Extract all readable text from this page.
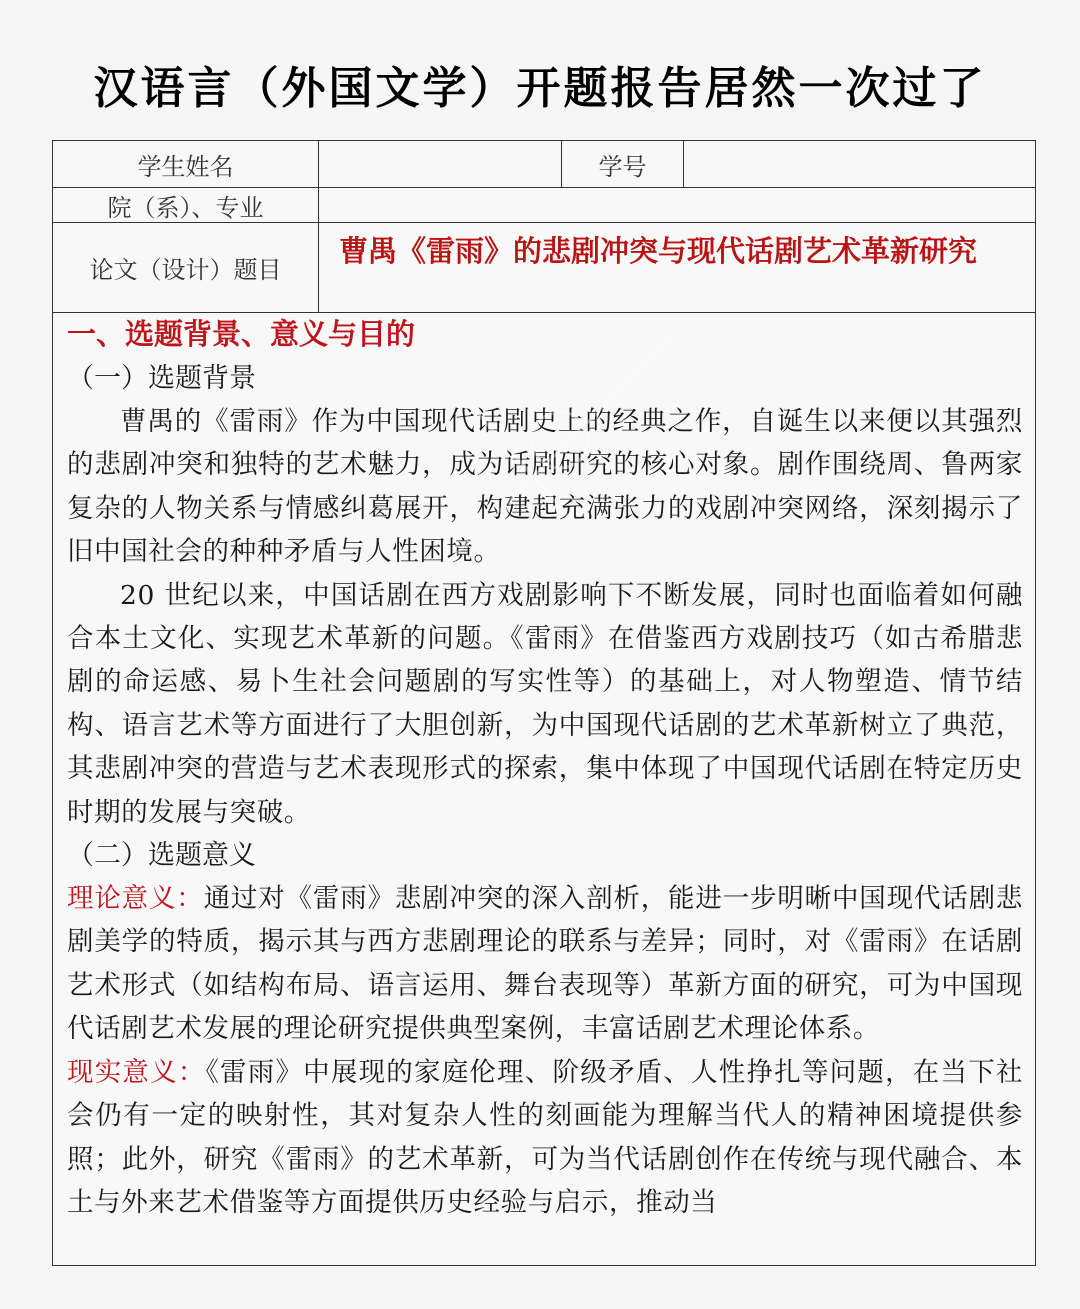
汉语言（外国文学）开题报告居然一次过了
学生姓名	学号
院（系）、专业
论文（设计）题目
曹禺《雷雨》的悲剧冲突与现代话剧艺术革新研究
一、选题背景、意义与目的
（一）选题背景

曹禺的《雷雨》作为中国现代话剧史上的经典之作，自诞生以来便以其强烈的悲剧冲突和独特的艺术魅力，成为话剧研究的核心对象。剧作围绕周、鲁两家复杂的人物关系与情感纠葛展开，构建起充满张力的戏剧冲突网络，深刻揭示了旧中国社会的种种矛盾与人性困境。

20 世纪以来，中国话剧在西方戏剧影响下不断发展，同时也面临着如何融合本土文化、实现艺术革新的问题。《雷雨》在借鉴西方戏剧技巧（如古希腊悲剧的命运感、易卜生社会问题剧的写实性等）的基础上，对人物塑造、情节结构、语言艺术等方面进行了大胆创新，为中国现代话剧的艺术革新树立了典范，其悲剧冲突的营造与艺术表现形式的探索，集中体现了中国现代话剧在特定历史时期的发展与突破。

（二）选题意义

理论意义：通过对《雷雨》悲剧冲突的深入剖析，能进一步明晰中国现代话剧悲剧美学的特质，揭示其与西方悲剧理论的联系与差异；同时，对《雷雨》在话剧艺术形式（如结构布局、语言运用、舞台表现等）革新方面的研究，可为中国现代话剧艺术发展的理论研究提供典型案例，丰富话剧艺术理论体系。

现实意义：《雷雨》中展现的家庭伦理、阶级矛盾、人性挣扎等问题，在当下社会仍有一定的映射性，其对复杂人性的刻画能为理解当代人的精神困境提供参照；此外，研究《雷雨》的艺术革新，可为当代话剧创作在传统与现代融合、本土与外来艺术借鉴等方面提供历史经验与启示，推动当
